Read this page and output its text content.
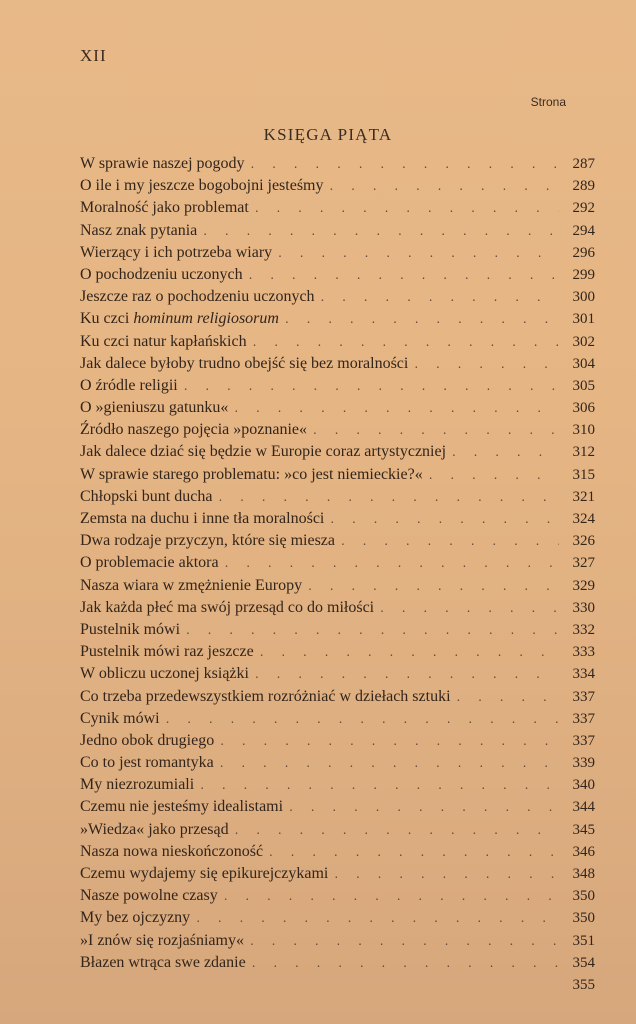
XII
Strona
KSIĘGA PIĄTA
W sprawie naszej pogody . . .	287
O ile i my jeszcze bogobojni jesteśmy . . .	289
Moralność jako problemat . . .	292
Nasz znak pytania . . .	294
Wierzący i ich potrzeba wiary . . .	296
O pochodzeniu uczonych . . .	299
Jeszcze raz o pochodzeniu uczonych . . .	300
Ku czci hominum religiosorum . . .	301
Ku czci natur kapłańskich . . .	302
Jak dalece byłoby trudno obejść się bez moralności . . .	304
O źródle religii . . .	305
O »gieniuszu gatunku« . . .	306
Źródło naszego pojęcia »poznanie« . . .	310
Jak dalece dziać się będzie w Europie coraz artystyczniej . . .	312
W sprawie starego problematu: »co jest niemieckie?« . . .	315
Chłopski bunt ducha . . .	321
Zemsta na duchu i inne tła moralności . . .	324
Dwa rodzaje przyczyn, które się miesza . . .	326
O problemacie aktora . . .	327
Nasza wiara w zmężnienie Europy . . .	329
Jak każda płeć ma swój przesąd co do miłości . . .	330
Pustelnik mówi . . .	332
Pustelnik mówi raz jeszcze . . .	333
W obliczu uczonej książki . . .	334
Co trzeba przedewszystkiem rozróżniać w dziełach sztuki . . .	337
Cynik mówi . . .	337
Jedno obok drugiego . . .	337
Co to jest romantyka . . .	339
My niezrozumiali . . .	340
Czemu nie jesteśmy idealistami . . .	344
»Wiedza« jako przesąd . . .	345
Nasza nowa nieskończoność . . .	346
Czemu wydajemy się epikurejczykami . . .	348
Nasze powolne czasy . . .	350
My bez ojczyzny . . .	350
»I znów się rozjaśniamy« . . .	351
Błazen wtrąca swe zdanie . . .	354
355
